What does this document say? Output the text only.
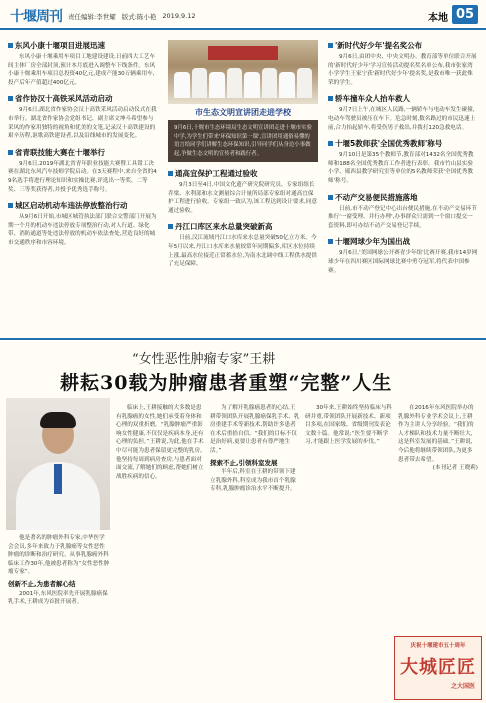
十堰周刊 责任编辑:李世耀 版式:陈小艳 2019.9.12	本地 05
东风小康十堰项目进展迅速

东风小康十堰乘用车项目工地建设建设,日前四大工艺车间主体厂房全部封顶,预计本月底进入调整车下线条件。东风小康十堰乘用车项目总投资40亿元,建成产能30万辆乘用车,投产后年产值超过400亿元。

省作协汉十高铁采风活动启动

9月6日,湖北省作家协会汉十高铁采风活动启动仪式在我市举行。湖北省作家协会党组书记、副主席文坤斗希望参与采风的作家用独特的视角和优美的文笔,记录汉十高铁建设的艰辛历程,讴歌高铁建设者,以及沿线城市的发展变化。

省青联技能大赛在十堰举行

9月6日,2019年湖北省青年职业技能大赛暨工具钳工决赛在湖北东风汽车技师学院启动。在3天赛程中,来自全省的49名选手将进行理论知识和实操比赛,评选出一等奖、二等奖、三等奖获得者,并授予优秀选手称号。

城区启动机动车违法停放整治行动

从9月6日开始,市城区城管执法部门联合交警部门开展为期一个月的机动车违法停放专项整治行动,对人行道、绿化带、消防通道等处违法停放的机动车依法查处,营造良好的城市交通秩序和市容环境。

市生态文明宣讲团走进学校
9月6日,十堰市生态环境局生态文明宣讲团走进十堰市实验中学,为学生们带来'环保知识第一课',宣讲团用通俗易懂的语言给同学们讲解生态环保知识,引导同学们从身边小事做起,争做生态文明的宣传者和践行者。
通高宜保护工程通过验收

9月3日至4日,中国文化遗产研究院研究员、专家组组长乔梁、水利部和水文测量综合计量所局部专家组对通高宜保护工程进行验收。专家组一致认为,该工程达到设计要求,同意通过验收。

丹江口库区来水总量突破新高

日前,汉江流域丹江口水库来水总量突破50亿立方米。今年5月以来,丹江口水库来水量较常年同期偏多,库区水位持续上涨,最高水位接近正常蓄水位,为南水北调中线工程供水提供了充足保障。

'新时代好少年'提名奖公布

9月6日,由团中央、中央文明办、教育部等单位联合开展的'新时代好少年'学习宣传活动提名奖名单公布,我市张家湾小学学生王家宁获'新时代好少年'提名奖,是我市唯一获此殊荣的学生。

轿车撞车众人抬车救人

9月7日上午,在城区人民路,一辆轿车与电动车发生碰撞,电动车驾驶员被压在车下。危急时刻,数名路过的市民迅速上前,合力抬起轿车,将受伤男子救出,并拨打120急救电话。

十堰5教师获'全国优秀教师'称号

9月10日是第35个教师节,教育部对1432名全国优秀教师和188名全国优秀教育工作者进行表彰。我市竹山县实验小学、郧西县教学研究室等单位的5名教师荣获'全国优秀教师'称号。

不动产交易便民措施落地

日前,市不动产登记中心出台便民措施,在不动产交易环节推行'一窗受理、并行办理',办事群众只需到一个窗口提交一套资料,即可办结不动产交易登记手续。

十堰网球少年为国出战

9月6日,'美国网球公开赛青少年组'比赛开赛,我市14岁网球少年在四川赛区国际网球比赛中勇夺冠军,将代表中国参赛。

“女性恶性肿瘤专家”王耕
耕耘30载为肿瘤患者重塑“完整”人生

他是著名的肿瘤外科专家,中华医学会会员,多年来致力于乳腺癌等女性恶性肿瘤的诊断和治疗研究。从事乳腺癌外科临床工作30年,他被患者称为“女性恶性肿瘤专家”。

创新不止,为患者解心结

2001年,东风医院率先开展乳腺癌保乳手术,王耕成为首批开展者。

临床上,王耕接触的大多数是患有乳腺癌的女性,她们承受着身体和心理的双重折磨。“乳腺肿瘤严重影响女性健康,不仅仅是疾病本身,还有心理的负担。”王耕说,为此,他在手术中尽可能为患者保留更完整的乳房。他坚持每周到病房查房,与患者面对面交流,了解她们的顾虑,帮她们树立战胜疾病的信心。

为了解开乳腺癌患者的心结,王耕带领团队开展乳腺癌保乳手术、乳房重建手术等新技术,帮助许多患者在术后重拾自信。“我们的目标不仅是治好病,更要让患者有尊严地生活。”

探索不止,引领科室发展

半年后,科室在王耕的带领下建立乳腺外科,科室成为我市首个乳腺专科,乳腺肿瘤诊治水平不断提升。

30年来,王耕始终坚持临床与科研并重,带领团队开展新技术、新项目多项,在国家级、省级期刊发表论文数十篇。他常说:“医生要不断学习,才能跟上医学发展的步伐。”

在2016年东风医院举办的乳腺外科专业学术会议上,王耕作为主讲人分享经验。“我们的人才梯队和技术力量不断壮大,这是科室发展的基础。”王耕说,今后他将继续带领团队,为更多患者带去希望。

(本刊记者 王晓莉)

庆祝十堰建市五十周年
大城匠匠
之大国医
